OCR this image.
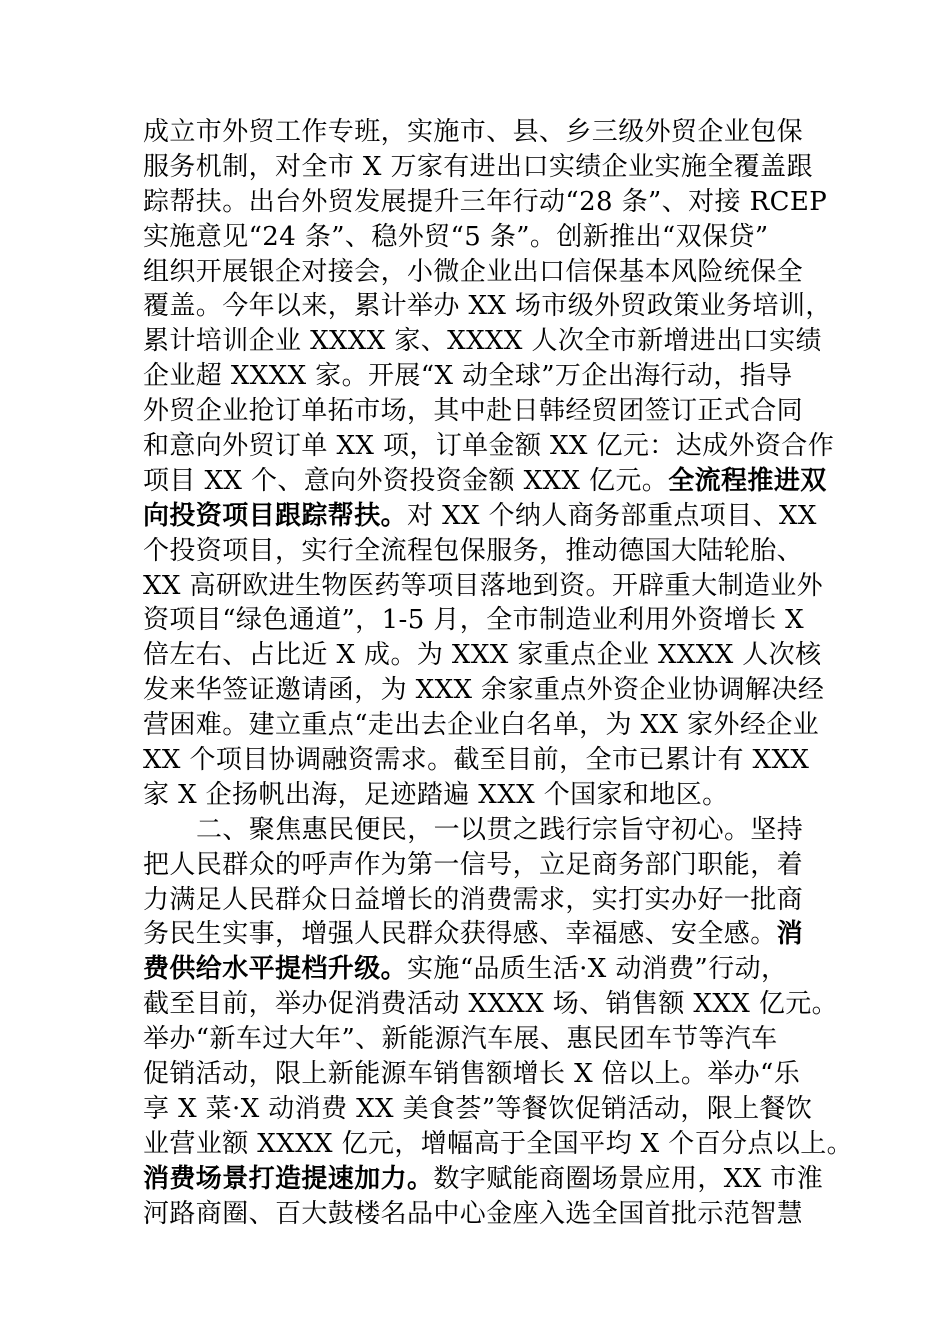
成立市外贸工作专班，实施市、县、乡三级外贸企业包保
服务机制，对全市 X 万家有进出口实绩企业实施全覆盖跟
踪帮扶。出台外贸发展提升三年行动“28 条”、对接 RCEP
实施意见“24 条”、稳外贸“5 条”。创新推出“双保贷”
组织开展银企对接会，小微企业出口信保基本风险统保全
覆盖。今年以来，累计举办 XX 场市级外贸政策业务培训，
累计培训企业 XXXX 家、XXXX 人次全市新增进出口实绩
企业超 XXXX 家。开展“X 动全球”万企出海行动，指导
外贸企业抢订单拓市场，其中赴日韩经贸团签订正式合同
和意向外贸订单 XX 项，订单金额 XX 亿元：达成外资合作
项目 XX 个、意向外资投资金额 XXX 亿元。全流程推进双
向投资项目跟踪帮扶。对 XX 个纳人商务部重点项目、XX
个投资项目，实行全流程包保服务，推动德国大陆轮胎、
XX 高研欧进生物医药等项目落地到资。开辟重大制造业外
资项目“绿色通道”，1-5 月，全市制造业利用外资增长 X
倍左右、占比近 X 成。为 XXX 家重点企业 XXXX 人次核
发来华签证邀请函，为 XXX 余家重点外资企业协调解决经
营困难。建立重点“走出去企业白名单，为 XX 家外经企业
XX 个项目协调融资需求。截至目前，全市已累计有 XXX
家 X 企扬帆出海，足迹踏遍 XXX 个国家和地区。
二、聚焦惠民便民，一以贯之践行宗旨守初心。坚持
把人民群众的呼声作为第一信号，立足商务部门职能，着
力满足人民群众日益增长的消费需求，实打实办好一批商
务民生实事，增强人民群众获得感、幸福感、安全感。消
费供给水平提档升级。实施“品质生活·X 动消费”行动，
截至目前，举办促消费活动 XXXX 场、销售额 XXX 亿元。
举办“新车过大年”、新能源汽车展、惠民团车节等汽车
促销活动，限上新能源车销售额增长 X 倍以上。举办“乐
享 X 菜·X 动消费 XX 美食荟”等餐饮促销活动，限上餐饮
业营业额 XXXX 亿元，增幅高于全国平均 X 个百分点以上。
消费场景打造提速加力。数字赋能商圈场景应用，XX 市淮
河路商圈、百大鼓楼名品中心金座入选全国首批示范智慧
